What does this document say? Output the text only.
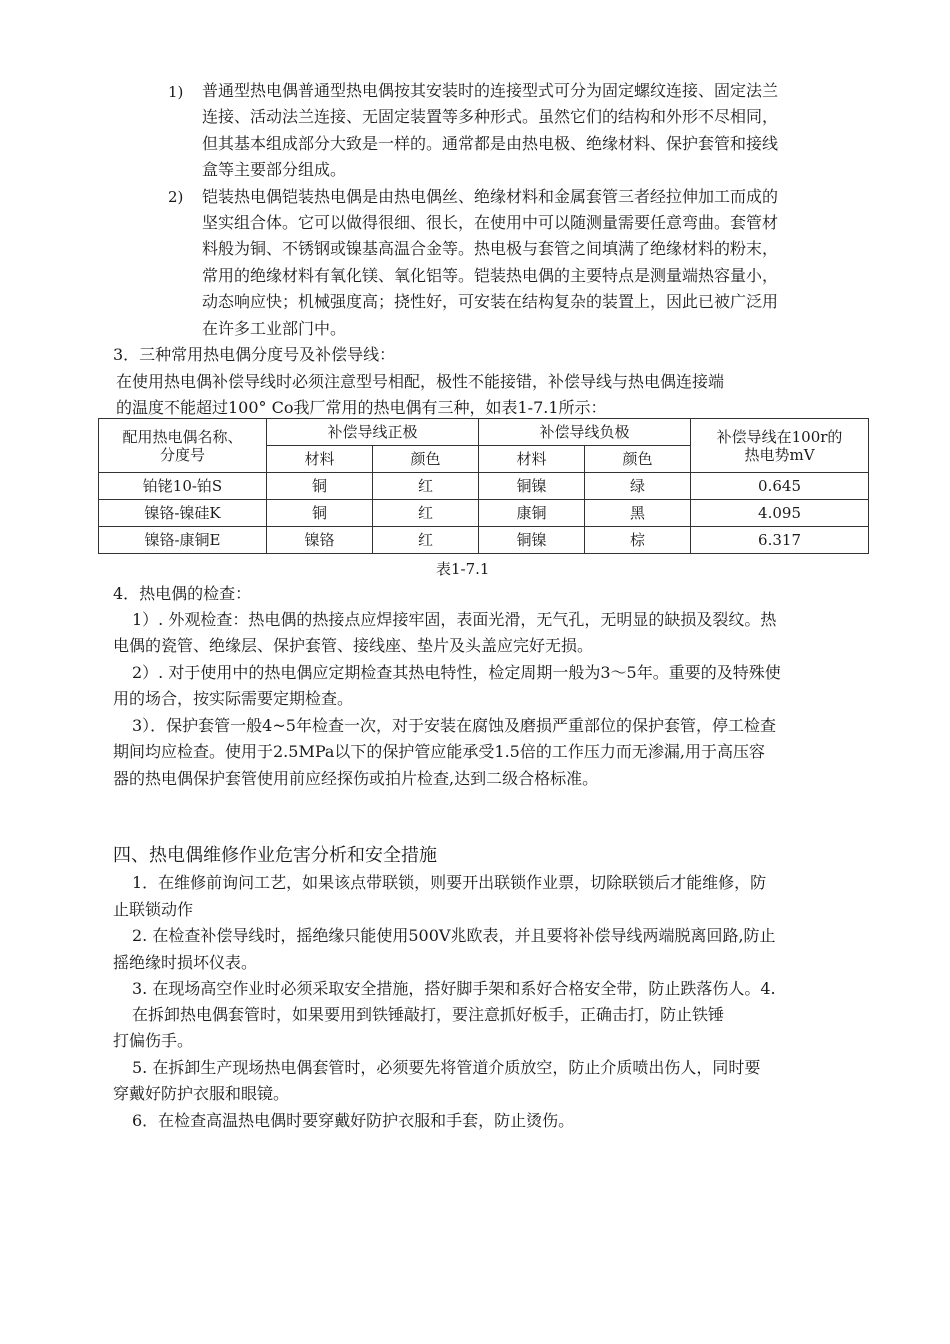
1) 普通型热电偶普通型热电偶按其安装时的连接型式可分为固定螺纹连接、固定法兰
连接、活动法兰连接、无固定装置等多种形式。虽然它们的结构和外形不尽相同，
但其基本组成部分大致是一样的。通常都是由热电极、绝缘材料、保护套管和接线
盒等主要部分组成。
2) 铠装热电偶铠装热电偶是由热电偶丝、绝缘材料和金属套管三者经拉伸加工而成的
坚实组合体。它可以做得很细、很长，在使用中可以随测量需要任意弯曲。套管材
料般为铜、不锈钢或镍基高温合金等。热电极与套管之间填满了绝缘材料的粉末，
常用的绝缘材料有氧化镁、氧化铝等。铠装热电偶的主要特点是测量端热容量小，
动态响应快；机械强度高；挠性好，可安装在结构复杂的装置上，因此已被广泛用
在许多工业部门中。
3．三种常用热电偶分度号及补偿导线：
在使用热电偶补偿导线时必须注意型号相配，极性不能接错，补偿导线与热电偶连接端
的温度不能超过100° Co我厂常用的热电偶有三种，如表1-7.1所示：
配用热电偶名称、
分度号	补偿导线正极		补偿导线负极		补偿导线在100r的
热电势mV
	材料	颜色	材料	颜色	
铂铑10-铂S	铜	红	铜镍	绿	0.645
镍铬-镍硅K	铜	红	康铜	黑	4.095
镍铬-康铜E	镍铬	红	铜镍	棕	6.317
表1-7.1
4．热电偶的检查：
1）. 外观检查：热电偶的热接点应焊接牢固，表面光滑，无气孔，无明显的缺损及裂纹。热
电偶的瓷管、绝缘层、保护套管、接线座、垫片及头盖应完好无损。
2）. 对于使用中的热电偶应定期检查其热电特性，检定周期一般为3〜5年。重要的及特殊使
用的场合，按实际需要定期检查。
3）．保护套管一般4~5年检查一次，对于安装在腐蚀及磨损严重部位的保护套管，停工检查
期间均应检查。使用于2.5MPa以下的保护管应能承受1.5倍的工作压力而无渗漏,用于高压容
器的热电偶保护套管使用前应经探伤或拍片检查,达到二级合格标准。
四、热电偶维修作业危害分析和安全措施
1．在维修前询问工艺，如果该点带联锁，则要开出联锁作业票，切除联锁后才能维修，防
止联锁动作
2. 在检查补偿导线时，摇绝缘只能使用500V兆欧表，并且要将补偿导线两端脱离回路,防止
摇绝缘时损坏仪表。
3. 在现场高空作业时必须采取安全措施，搭好脚手架和系好合格安全带，防止跌落伤人。4.
在拆卸热电偶套管时，如果要用到铁锤敲打，要注意抓好板手，正确击打，防止铁锤
打偏伤手。
5. 在拆卸生产现场热电偶套管时，必须要先将管道介质放空，防止介质喷出伤人，同时要
穿戴好防护衣服和眼镜。
6．在检查高温热电偶时要穿戴好防护衣服和手套，防止烫伤。
